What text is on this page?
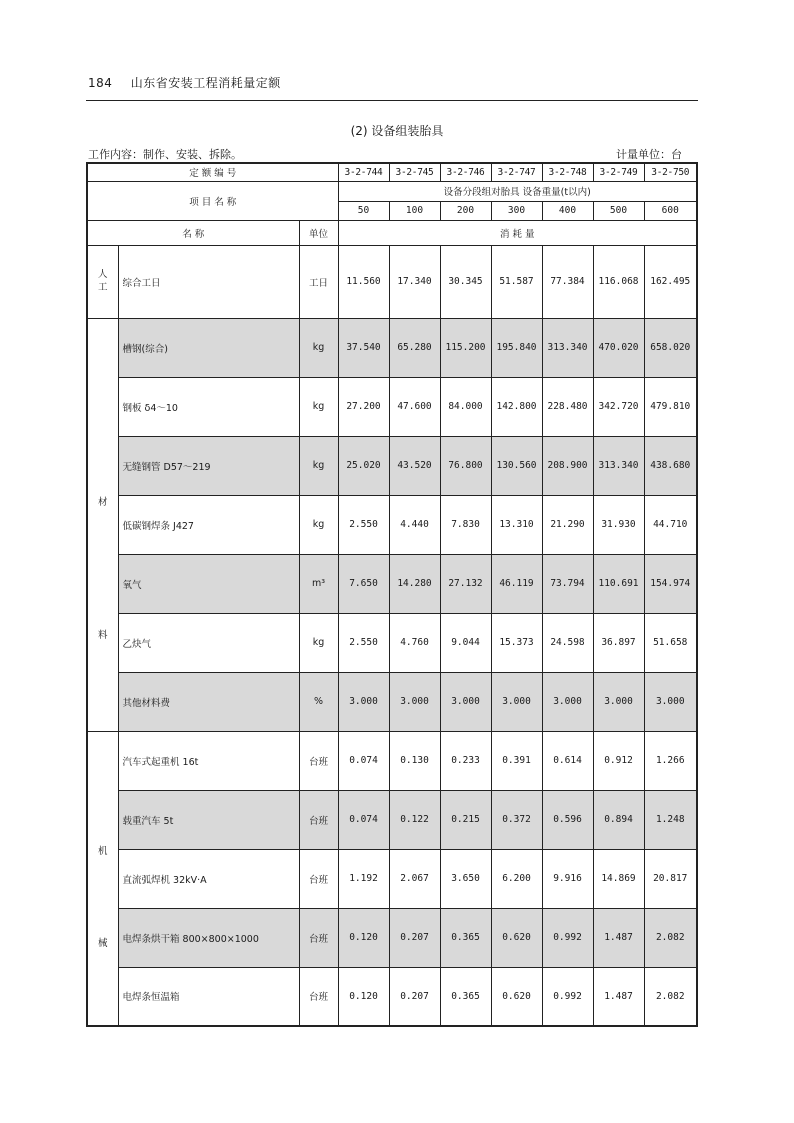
184 山东省安装工程消耗量定额
(2) 设备组装胎具
工作内容：制作、安装、拆除。	计量单位：台
定 额 编 号			3-2-744	3-2-745	3-2-746	3-2-747	3-2-748	3-2-749	3-2-750
项 目 名 称			设备分段组对胎具 设备重量(t以内)						
			50	100	200	300	400	500	600
名 称		单位	消 耗 量						

人
工	综合工日	工日	11.560	17.340	30.345	51.587	77.384	116.068	162.495

材
料	槽钢(综合)	kg	37.540	65.280	115.200	195.840	313.340	470.020	658.020
	钢板 δ4～10	kg	27.200	47.600	84.000	142.800	228.480	342.720	479.810
	无缝钢管 D57～219	kg	25.020	43.520	76.800	130.560	208.900	313.340	438.680
	低碳钢焊条 J427	kg	2.550	4.440	7.830	13.310	21.290	31.930	44.710
	氧气	m³	7.650	14.280	27.132	46.119	73.794	110.691	154.974
	乙炔气	kg	2.550	4.760	9.044	15.373	24.598	36.897	51.658
	其他材料费	%	3.000	3.000	3.000	3.000	3.000	3.000	3.000

机
械	汽车式起重机 16t	台班	0.074	0.130	0.233	0.391	0.614	0.912	1.266
	载重汽车 5t	台班	0.074	0.122	0.215	0.372	0.596	0.894	1.248
	直流弧焊机 32kV·A	台班	1.192	2.067	3.650	6.200	9.916	14.869	20.817
	电焊条烘干箱 800×800×1000	台班	0.120	0.207	0.365	0.620	0.992	1.487	2.082
	电焊条恒温箱	台班	0.120	0.207	0.365	0.620	0.992	1.487	2.082
